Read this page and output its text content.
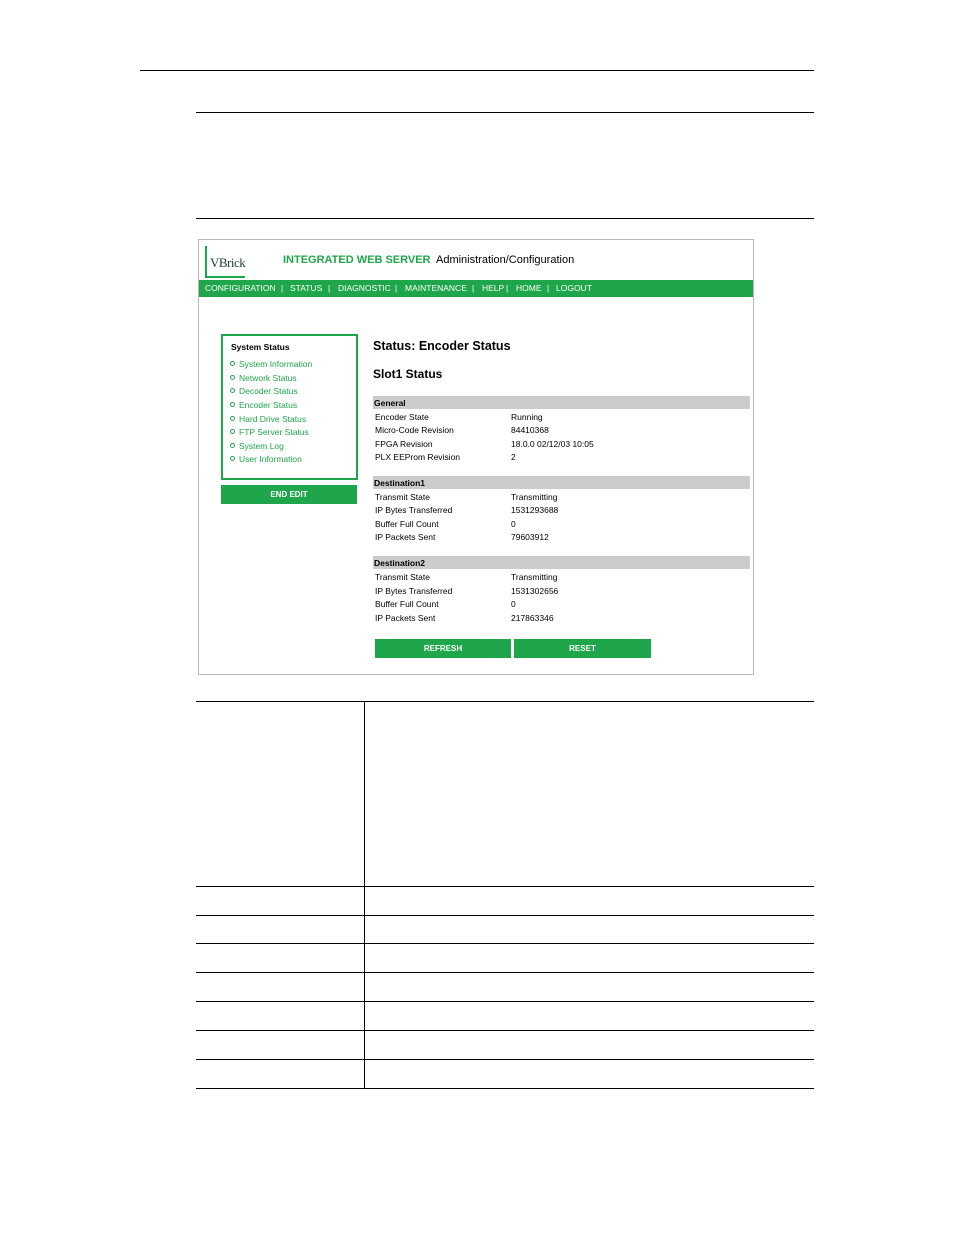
VBrick	INTEGRATED WEB SERVER Administration/Configuration
CONFIGURATION | STATUS | DIAGNOSTIC | MAINTENANCE | HELP | HOME | LOGOUT
System Status
System Information
Network Status
Decoder Status
Encoder Status
Hard Drive Status
FTP Server Status
System Log
User Information
END EDIT
Status: Encoder Status
Slot1 Status
General
Encoder State	Running
Micro-Code Revision	84410368
FPGA Revision	18.0.0 02/12/03 10:05
PLX EEProm Revision	2
Destination1
Transmit State	Transmitting
IP Bytes Transferred	1531293688
Buffer Full Count	0
IP Packets Sent	79603912
Destination2
Transmit State	Transmitting
IP Bytes Transferred	1531302656
Buffer Full Count	0
IP Packets Sent	217863346
REFRESH	RESET
